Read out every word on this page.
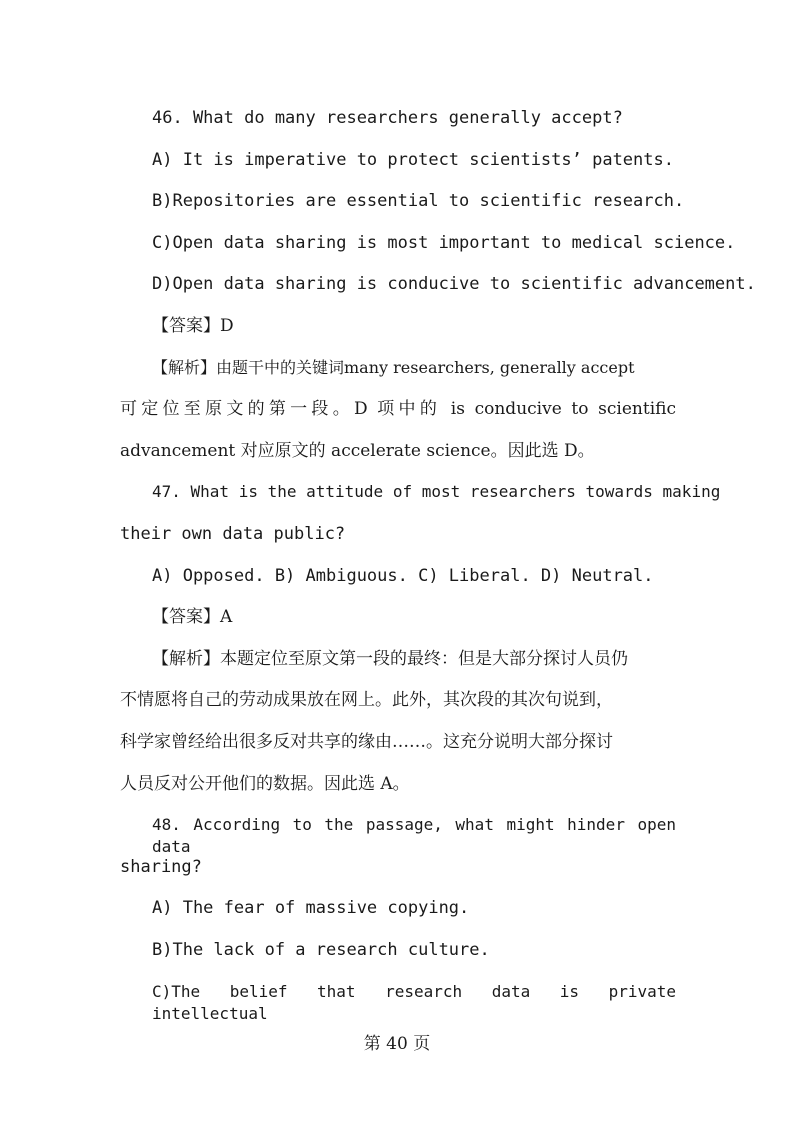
46. What do many researchers generally accept?
A) It is imperative to protect scientists’ patents.
B)Repositories are essential to scientific research.
C)Open data sharing is most important to medical science.
D)Open data sharing is conducive to scientific advancement.
【答案】D
【解析】由题干中的关键词many researchers, generally accept
可定位至原文的第一段。D 项中的 is conducive to scientific
advancement 对应原文的 accelerate science。因此选 D。
47. What is the attitude of most researchers towards making
their own data public?
A) Opposed. B) Ambiguous. C) Liberal. D) Neutral.
【答案】A
【解析】本题定位至原文第一段的最终：但是大部分探讨人员仍
不情愿将自己的劳动成果放在网上。此外，其次段的其次句说到，
科学家曾经给出很多反对共享的缘由……。这充分说明大部分探讨
人员反对公开他们的数据。因此选 A。
48. According to the passage, what might hinder open data
sharing?
A) The fear of massive copying.
B)The lack of a research culture.
C)The belief that research data is private intellectual
第 40 页
